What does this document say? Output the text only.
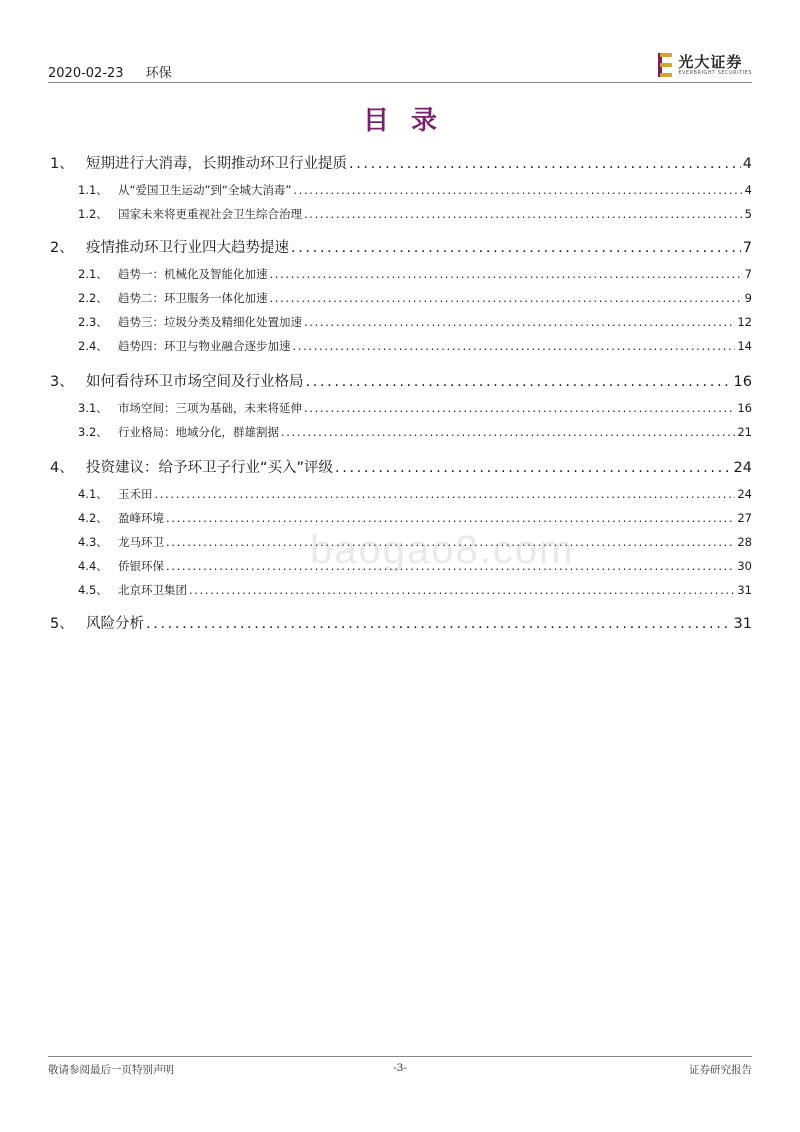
2020-02-23 环保
光大证券
EVERBRIGHT SECURITIES
目录
1、 短期进行大消毒，长期推动环卫行业提质 . . .	4
1.1、 从“爱国卫生运动”到“全城大消毒” . . .	4
1.2、 国家未来将更重视社会卫生综合治理 . . .	5
2、 疫情推动环卫行业四大趋势提速 . . .	7
2.1、 趋势一：机械化及智能化加速 . . .	7
2.2、 趋势二：环卫服务一体化加速 . . .	9
2.3、 趋势三：垃圾分类及精细化处置加速 . . .	12
2.4、 趋势四：环卫与物业融合逐步加速 . . .	14
3、 如何看待环卫市场空间及行业格局 . . .	16
3.1、 市场空间：三项为基础，未来将延伸 . . .	16
3.2、 行业格局：地域分化，群雄割据 . . .	21
4、 投资建议：给予环卫子行业“买入”评级 . . .	24
4.1、 玉禾田 . . .	24
4.2、 盈峰环境 . . .	27
4.3、 龙马环卫 . . .	28
4.4、 侨银环保 . . .	30
4.5、 北京环卫集团 . . .	31
5、 风险分析 . . .	31
baogao8.com
敬请参阅最后一页特别声明	-3-	证券研究报告
